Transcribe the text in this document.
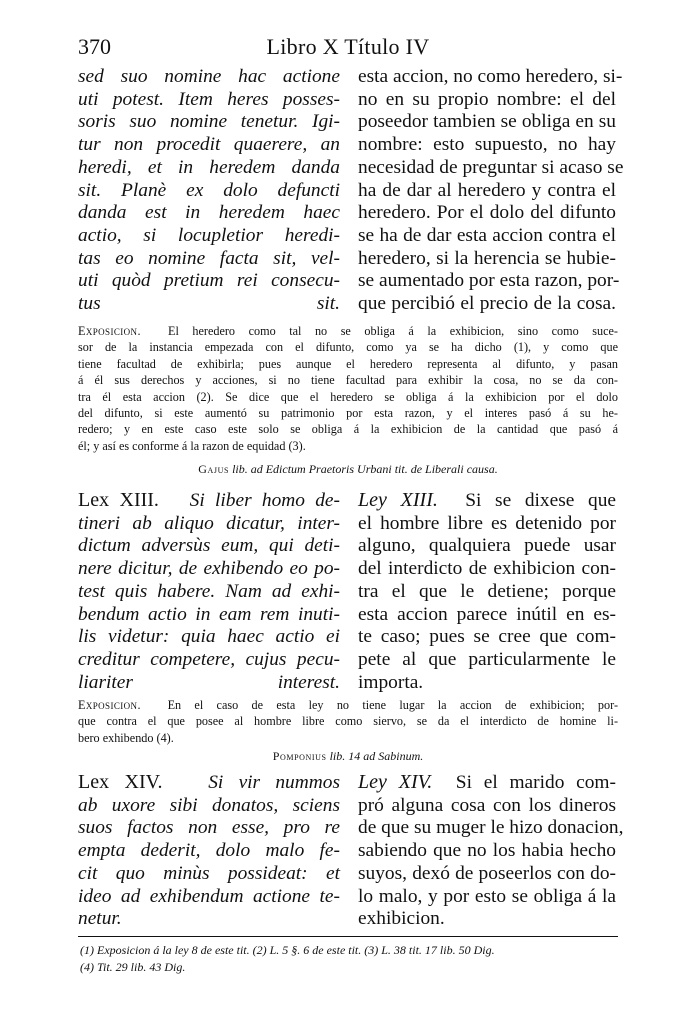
370	Libro X Título IV
sed suo nomine hac actione
uti potest. Item heres posses-
soris suo nomine tenetur. Igi-
tur non procedit quaerere, an
heredi, et in heredem danda
sit. Planè ex dolo defuncti
danda est in heredem haec
actio, si locupletior heredi-
tas eo nomine facta sit, vel-
uti quòd pretium rei consecu-
tus sit.
esta accion, no como heredero, si-
no en su propio nombre: el del
poseedor tambien se obliga en su
nombre: esto supuesto, no hay
necesidad de preguntar si acaso se
ha de dar al heredero y contra el
heredero. Por el dolo del difunto
se ha de dar esta accion contra el
heredero, si la herencia se hubie-
se aumentado por esta razon, por-
que percibió el precio de la cosa.
Exposicion. El heredero como tal no se obliga á la exhibicion, sino como suce-
sor de la instancia empezada con el difunto, como ya se ha dicho (1), y como que
tiene facultad de exhibirla; pues aunque el heredero representa al difunto, y pasan
á él sus derechos y acciones, si no tiene facultad para exhibir la cosa, no se da con-
tra él esta accion (2). Se dice que el heredero se obliga á la exhibicion por el dolo
del difunto, si este aumentó su patrimonio por esta razon, y el interes pasó á su he-
redero; y en este caso este solo se obliga á la exhibicion de la cantidad que pasó á
él; y así es conforme á la razon de equidad (3).
Gajus lib. ad Edictum Praetoris Urbani tit. de Liberali causa.
Lex XIII. Si liber homo de-
tineri ab aliquo dicatur, inter-
dictum adversùs eum, qui deti-
nere dicitur, de exhibendo eo po-
test quis habere. Nam ad exhi-
bendum actio in eam rem inuti-
lis videtur: quia haec actio ei
creditur competere, cujus pecu-
liariter interest.
Ley XIII. Si se dixese que
el hombre libre es detenido por
alguno, qualquiera puede usar
del interdicto de exhibicion con-
tra el que le detiene; porque
esta accion parece inútil en es-
te caso; pues se cree que com-
pete al que particularmente le
importa.
Exposicion. En el caso de esta ley no tiene lugar la accion de exhibicion; por-
que contra el que posee al hombre libre como siervo, se da el interdicto de homine li-
bero exhibendo (4).
Pomponius lib. 14 ad Sabinum.
Lex XIV. Si vir nummos
ab uxore sibi donatos, sciens
suos factos non esse, pro re
empta dederit, dolo malo fe-
cit quo minùs possideat: et
ideo ad exhibendum actione te-
netur.
Ley XIV. Si el marido com-
pró alguna cosa con los dineros
de que su muger le hizo donacion,
sabiendo que no los habia hecho
suyos, dexó de poseerlos con do-
lo malo, y por esto se obliga á la
exhibicion.
(1) Exposicion á la ley 8 de este tit. (2) L. 5 §. 6 de este tit. (3) L. 38 tit. 17 lib. 50 Dig.
(4) Tit. 29 lib. 43 Dig.
